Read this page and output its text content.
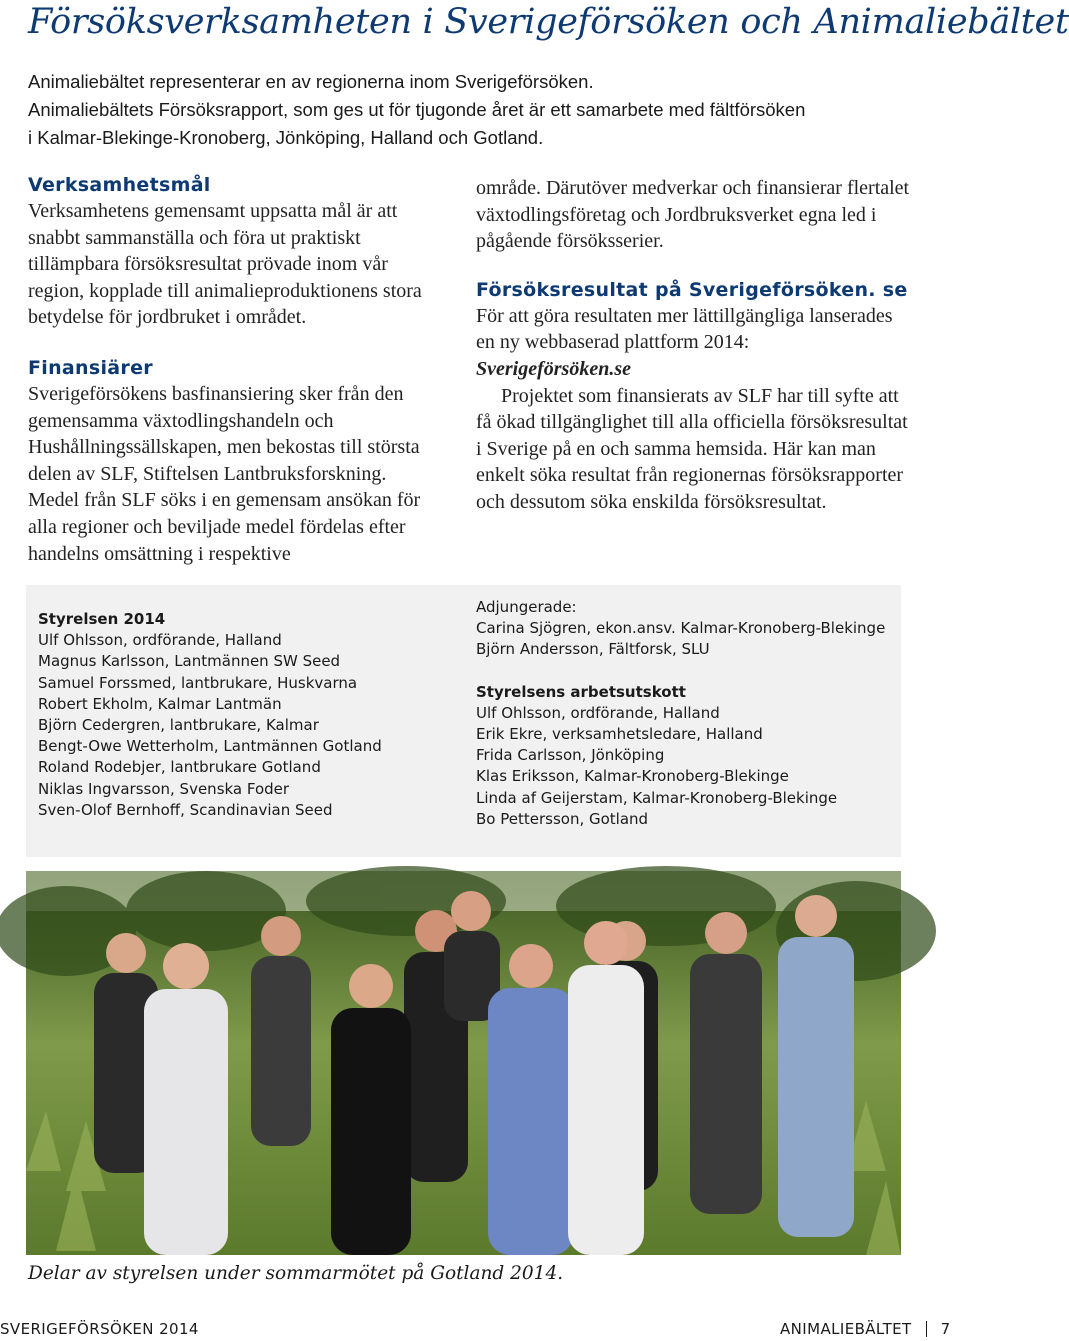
Försöksverksamheten i Sverigeförsöken och Animaliebältet
Animaliebältet representerar en av regionerna inom Sverigeförsöken.
Animaliebältets Försöksrapport, som ges ut för tjugonde året är ett samarbete med fältförsöken
i Kalmar-Blekinge-Kronoberg, Jönköping, Halland och Gotland.

Verksamhetsmål

Verksamhetens gemensamt uppsatta mål är att snabbt sammanställa och föra ut praktiskt tillämpbara försöksresultat prövade inom vår region, kopplade till animalieproduktionens stora betydelse för jordbruket i området.

Finansiärer

Sverigeförsökens basfinansiering sker från den gemensamma växtodlingshandeln och Hushållningssällskapen, men bekostas till största delen av SLF, Stiftelsen Lantbruksforskning. Medel från SLF söks i en gemensam ansökan för alla regioner och beviljade medel fördelas efter handelns omsättning i respektive

område. Därutöver medverkar och finansierar flertalet växtodlingsföretag och Jordbruksverket egna led i pågående försöksserier.

Försöksresultat på Sverigeförsöken. se

För att göra resultaten mer lättillgängliga lanserades en ny webbaserad plattform 2014:

Sverigeförsöken.se

Projektet som finansierats av SLF har till syfte att få ökad tillgänglighet till alla officiella försöksresultat i Sverige på en och samma hemsida. Här kan man enkelt söka resultat från regionernas försöksrapporter och dessutom söka enskilda försöksresultat.

Styrelsen 2014
Ulf Ohlsson, ordförande, Halland
Magnus Karlsson, Lantmännen SW Seed
Samuel Forssmed, lantbrukare, Huskvarna
Robert Ekholm, Kalmar Lantmän
Björn Cedergren, lantbrukare, Kalmar
Bengt-Owe Wetterholm, Lantmännen Gotland
Roland Rodebjer, lantbrukare Gotland
Niklas Ingvarsson, Svenska Foder
Sven-Olof Bernhoff, Scandinavian Seed
Adjungerade:
Carina Sjögren, ekon.ansv. Kalmar-Kronoberg-Blekinge
Björn Andersson, Fältforsk, SLU
Styrelsens arbetsutskott
Ulf Ohlsson, ordförande, Halland
Erik Ekre, verksamhetsledare, Halland
Frida Carlsson, Jönköping
Klas Eriksson, Kalmar-Kronoberg-Blekinge
Linda af Geijerstam, Kalmar-Kronoberg-Blekinge
Bo Pettersson, Gotland
Delar av styrelsen under sommarmötet på Gotland 2014.
SVERIGEFÖRSÖKEN 2014	ANIMALIEBÄLTET 7
